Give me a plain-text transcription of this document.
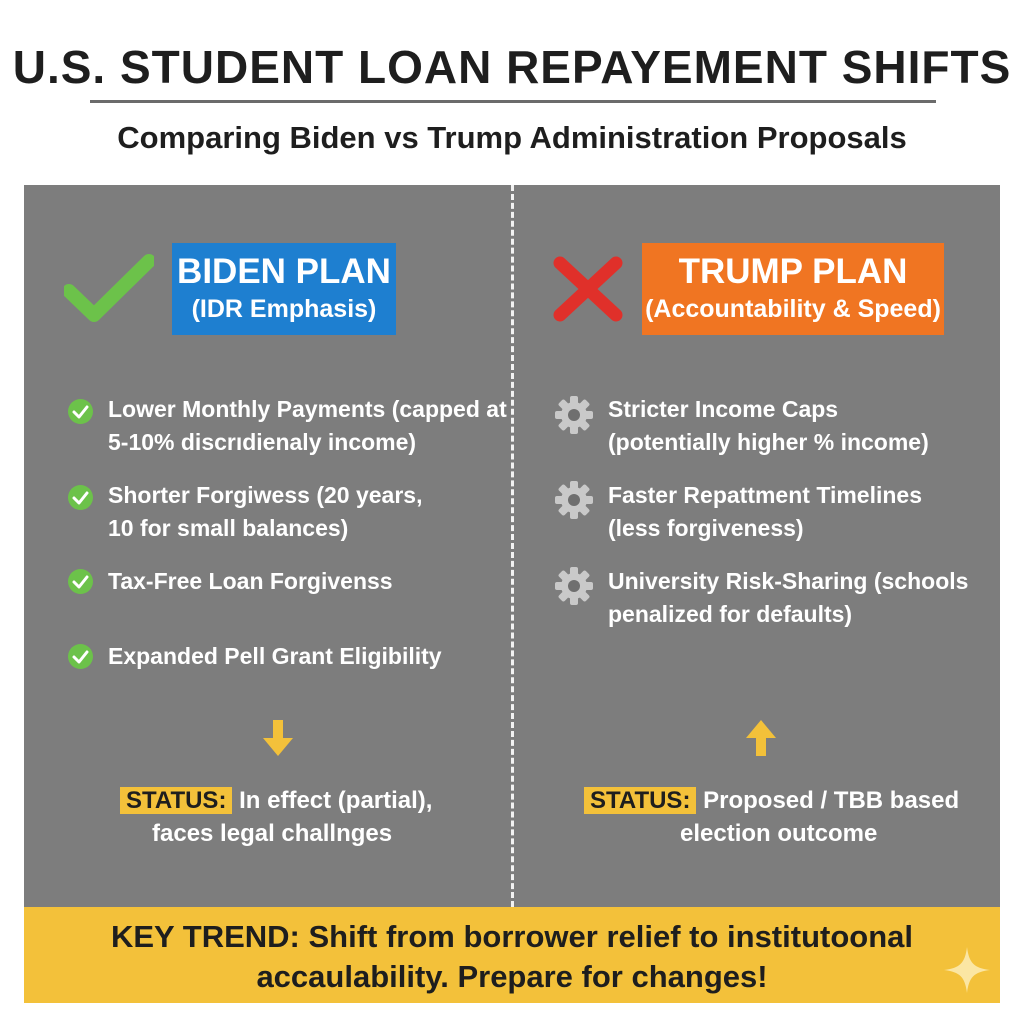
U.S. STUDENT LOAN REPAYEMENT SHIFTS
Comparing Biden vs Trump Administration Proposals
BIDEN PLAN
(IDR Emphasis)
Lower Monthly Payments (capped at
5-10% discrıdienaly income)
Shorter Forgiwess (20 years,
10 for small balances)
Tax-Free Loan Forgivenss
Expanded Pell Grant Eligibility
STATUS: In effect (partial),
faces legal challnges
TRUMP PLAN
(Accountability & Speed)
Stricter Income Caps
(potentially higher % income)
Faster Repattment Timelines
(less forgiveness)
University Risk-Sharing (schools
penalized for defaults)
STATUS: Proposed / TBB based
election outcome
KEY TREND: Shift from borrower relief to institutᴏonal
accaulability. Prepare for changes!
